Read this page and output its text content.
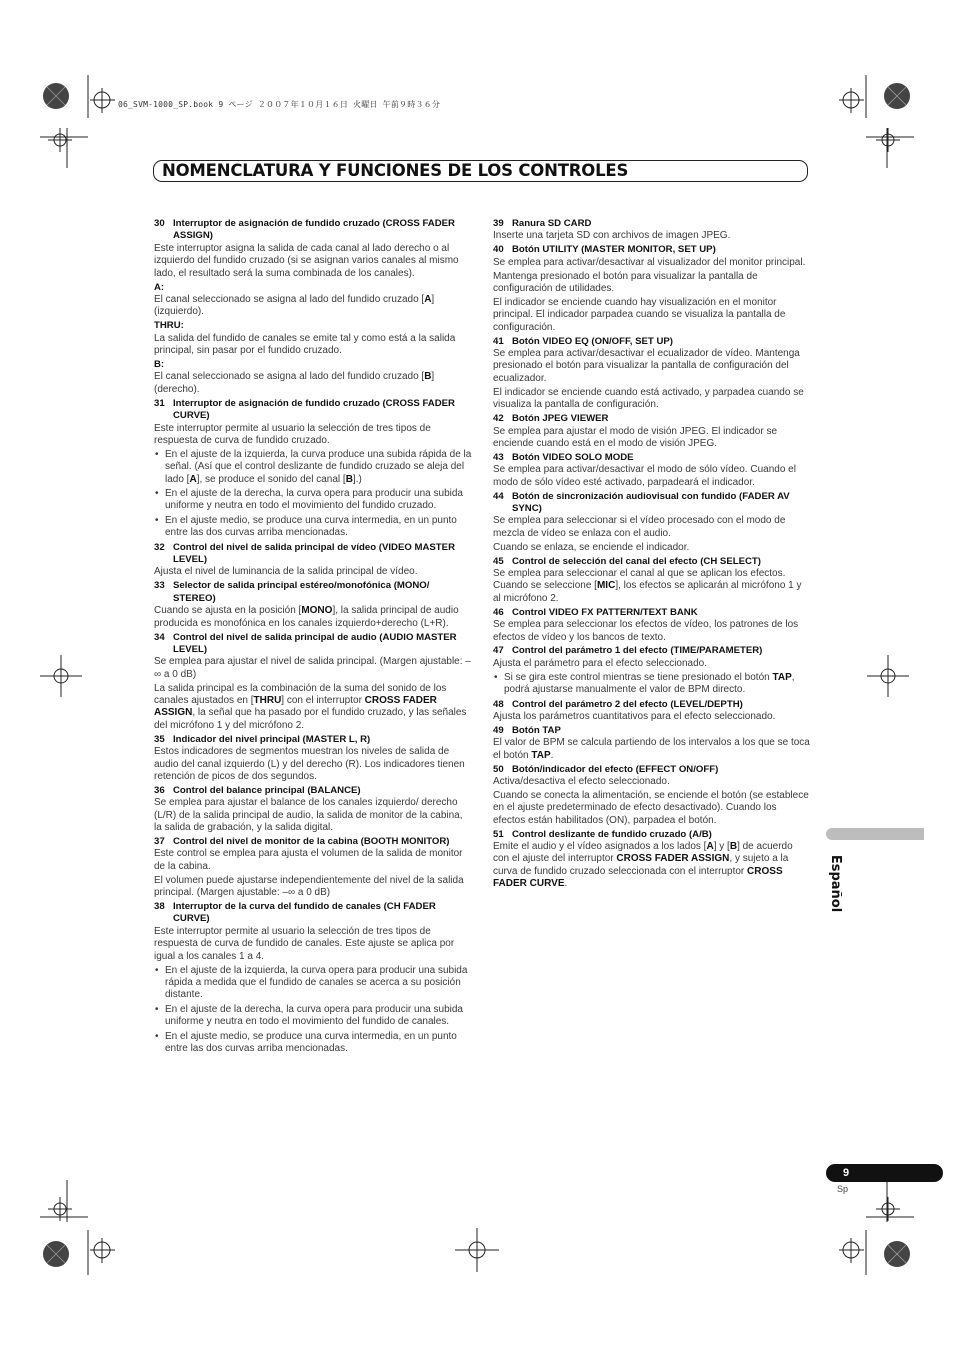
06_SVM-1000_SP.book 9 ページ ２００７年１０月１６日 火曜日 午前９時３６分
NOMENCLATURA Y FUNCIONES DE LOS CONTROLES
30 Interruptor de asignación de fundido cruzado (CROSS FADER ASSIGN)

Este interruptor asigna la salida de cada canal al lado derecho o al izquierdo del fundido cruzado (si se asignan varios canales al mismo lado, el resultado será la suma combinada de los canales).

A:

El canal seleccionado se asigna al lado del fundido cruzado [A] (izquierdo).

THRU:

La salida del fundido de canales se emite tal y como está a la salida principal, sin pasar por el fundido cruzado.

B:

El canal seleccionado se asigna al lado del fundido cruzado [B] (derecho).

31 Interruptor de asignación de fundido cruzado (CROSS FADER CURVE)

Este interruptor permite al usuario la selección de tres tipos de respuesta de curva de fundido cruzado.

• En el ajuste de la izquierda, la curva produce una subida rápida de la señal. (Así que el control deslizante de fundido cruzado se aleja del lado [A], se produce el sonido del canal [B].)
• En el ajuste de la derecha, la curva opera para producir una subida uniforme y neutra en todo el movimiento del fundido cruzado.
• En el ajuste medio, se produce una curva intermedia, en un punto entre las dos curvas arriba mencionadas.
32 Control del nivel de salida principal de vídeo (VIDEO MASTER LEVEL)

Ajusta el nivel de luminancia de la salida principal de vídeo.

33 Selector de salida principal estéreo/monofónica (MONO/ STEREO)

Cuando se ajusta en la posición [MONO], la salida principal de audio producida es monofónica en los canales izquierdo+derecho (L+R).

34 Control del nivel de salida principal de audio (AUDIO MASTER LEVEL)

Se emplea para ajustar el nivel de salida principal. (Margen ajustable: –∞ a 0 dB)

La salida principal es la combinación de la suma del sonido de los canales ajustados en [THRU] con el interruptor CROSS FADER ASSIGN, la señal que ha pasado por el fundido cruzado, y las señales del micrófono 1 y del micrófono 2.

35 Indicador del nivel principal (MASTER L, R)

Estos indicadores de segmentos muestran los niveles de salida de audio del canal izquierdo (L) y del derecho (R). Los indicadores tienen retención de picos de dos segundos.

36 Control del balance principal (BALANCE)

Se emplea para ajustar el balance de los canales izquierdo/ derecho (L/R) de la salida principal de audio, la salida de monitor de la cabina, la salida de grabación, y la salida digital.

37 Control del nivel de monitor de la cabina (BOOTH MONITOR)

Este control se emplea para ajusta el volumen de la salida de monitor de la cabina.

El volumen puede ajustarse independientemente del nivel de la salida principal. (Margen ajustable: –∞ a 0 dB)

38 Interruptor de la curva del fundido de canales (CH FADER CURVE)

Este interruptor permite al usuario la selección de tres tipos de respuesta de curva de fundido de canales. Este ajuste se aplica por igual a los canales 1 a 4.

• En el ajuste de la izquierda, la curva opera para producir una subida rápida a medida que el fundido de canales se acerca a su posición distante.
• En el ajuste de la derecha, la curva opera para producir una subida uniforme y neutra en todo el movimiento del fundido de canales.
• En el ajuste medio, se produce una curva intermedia, en un punto entre las dos curvas arriba mencionadas.
39 Ranura SD CARD

Inserte una tarjeta SD con archivos de imagen JPEG.

40 Botón UTILITY (MASTER MONITOR, SET UP)

Se emplea para activar/desactivar al visualizador del monitor principal.

Mantenga presionado el botón para visualizar la pantalla de configuración de utilidades.

El indicador se enciende cuando hay visualización en el monitor principal. El indicador parpadea cuando se visualiza la pantalla de configuración.

41 Botón VIDEO EQ (ON/OFF, SET UP)

Se emplea para activar/desactivar el ecualizador de vídeo. Mantenga presionado el botón para visualizar la pantalla de configuración del ecualizador.

El indicador se enciende cuando está activado, y parpadea cuando se visualiza la pantalla de configuración.

42 Botón JPEG VIEWER

Se emplea para ajustar el modo de visión JPEG. El indicador se enciende cuando está en el modo de visión JPEG.

43 Botón VIDEO SOLO MODE

Se emplea para activar/desactivar el modo de sólo vídeo. Cuando el modo de sólo vídeo esté activado, parpadeará el indicador.

44 Botón de sincronización audiovisual con fundido (FADER AV SYNC)

Se emplea para seleccionar si el vídeo procesado con el modo de mezcla de vídeo se enlaza con el audio.

Cuando se enlaza, se enciende el indicador.

45 Control de selección del canal del efecto (CH SELECT)

Se emplea para seleccionar el canal al que se aplican los efectos. Cuando se seleccione [MIC], los efectos se aplicarán al micrófono 1 y al micrófono 2.

46 Control VIDEO FX PATTERN/TEXT BANK

Se emplea para seleccionar los efectos de vídeo, los patrones de los efectos de vídeo y los bancos de texto.

47 Control del parámetro 1 del efecto (TIME/PARAMETER)

Ajusta el parámetro para el efecto seleccionado.

• Si se gira este control mientras se tiene presionado el botón TAP, podrá ajustarse manualmente el valor de BPM directo.
48 Control del parámetro 2 del efecto (LEVEL/DEPTH)

Ajusta los parámetros cuantitativos para el efecto seleccionado.

49 Botón TAP

El valor de BPM se calcula partiendo de los intervalos a los que se toca el botón TAP.

50 Botón/indicador del efecto (EFFECT ON/OFF)

Activa/desactiva el efecto seleccionado.

Cuando se conecta la alimentación, se enciende el botón (se establece en el ajuste predeterminado de efecto desactivado). Cuando los efectos están habilitados (ON), parpadea el botón.

51 Control deslizante de fundido cruzado (A/B)

Emite el audio y el vídeo asignados a los lados [A] y [B] de acuerdo con el ajuste del interruptor CROSS FADER ASSIGN, y sujeto a la curva de fundido cruzado seleccionada con el interruptor CROSS FADER CURVE.	Español
9
Sp
